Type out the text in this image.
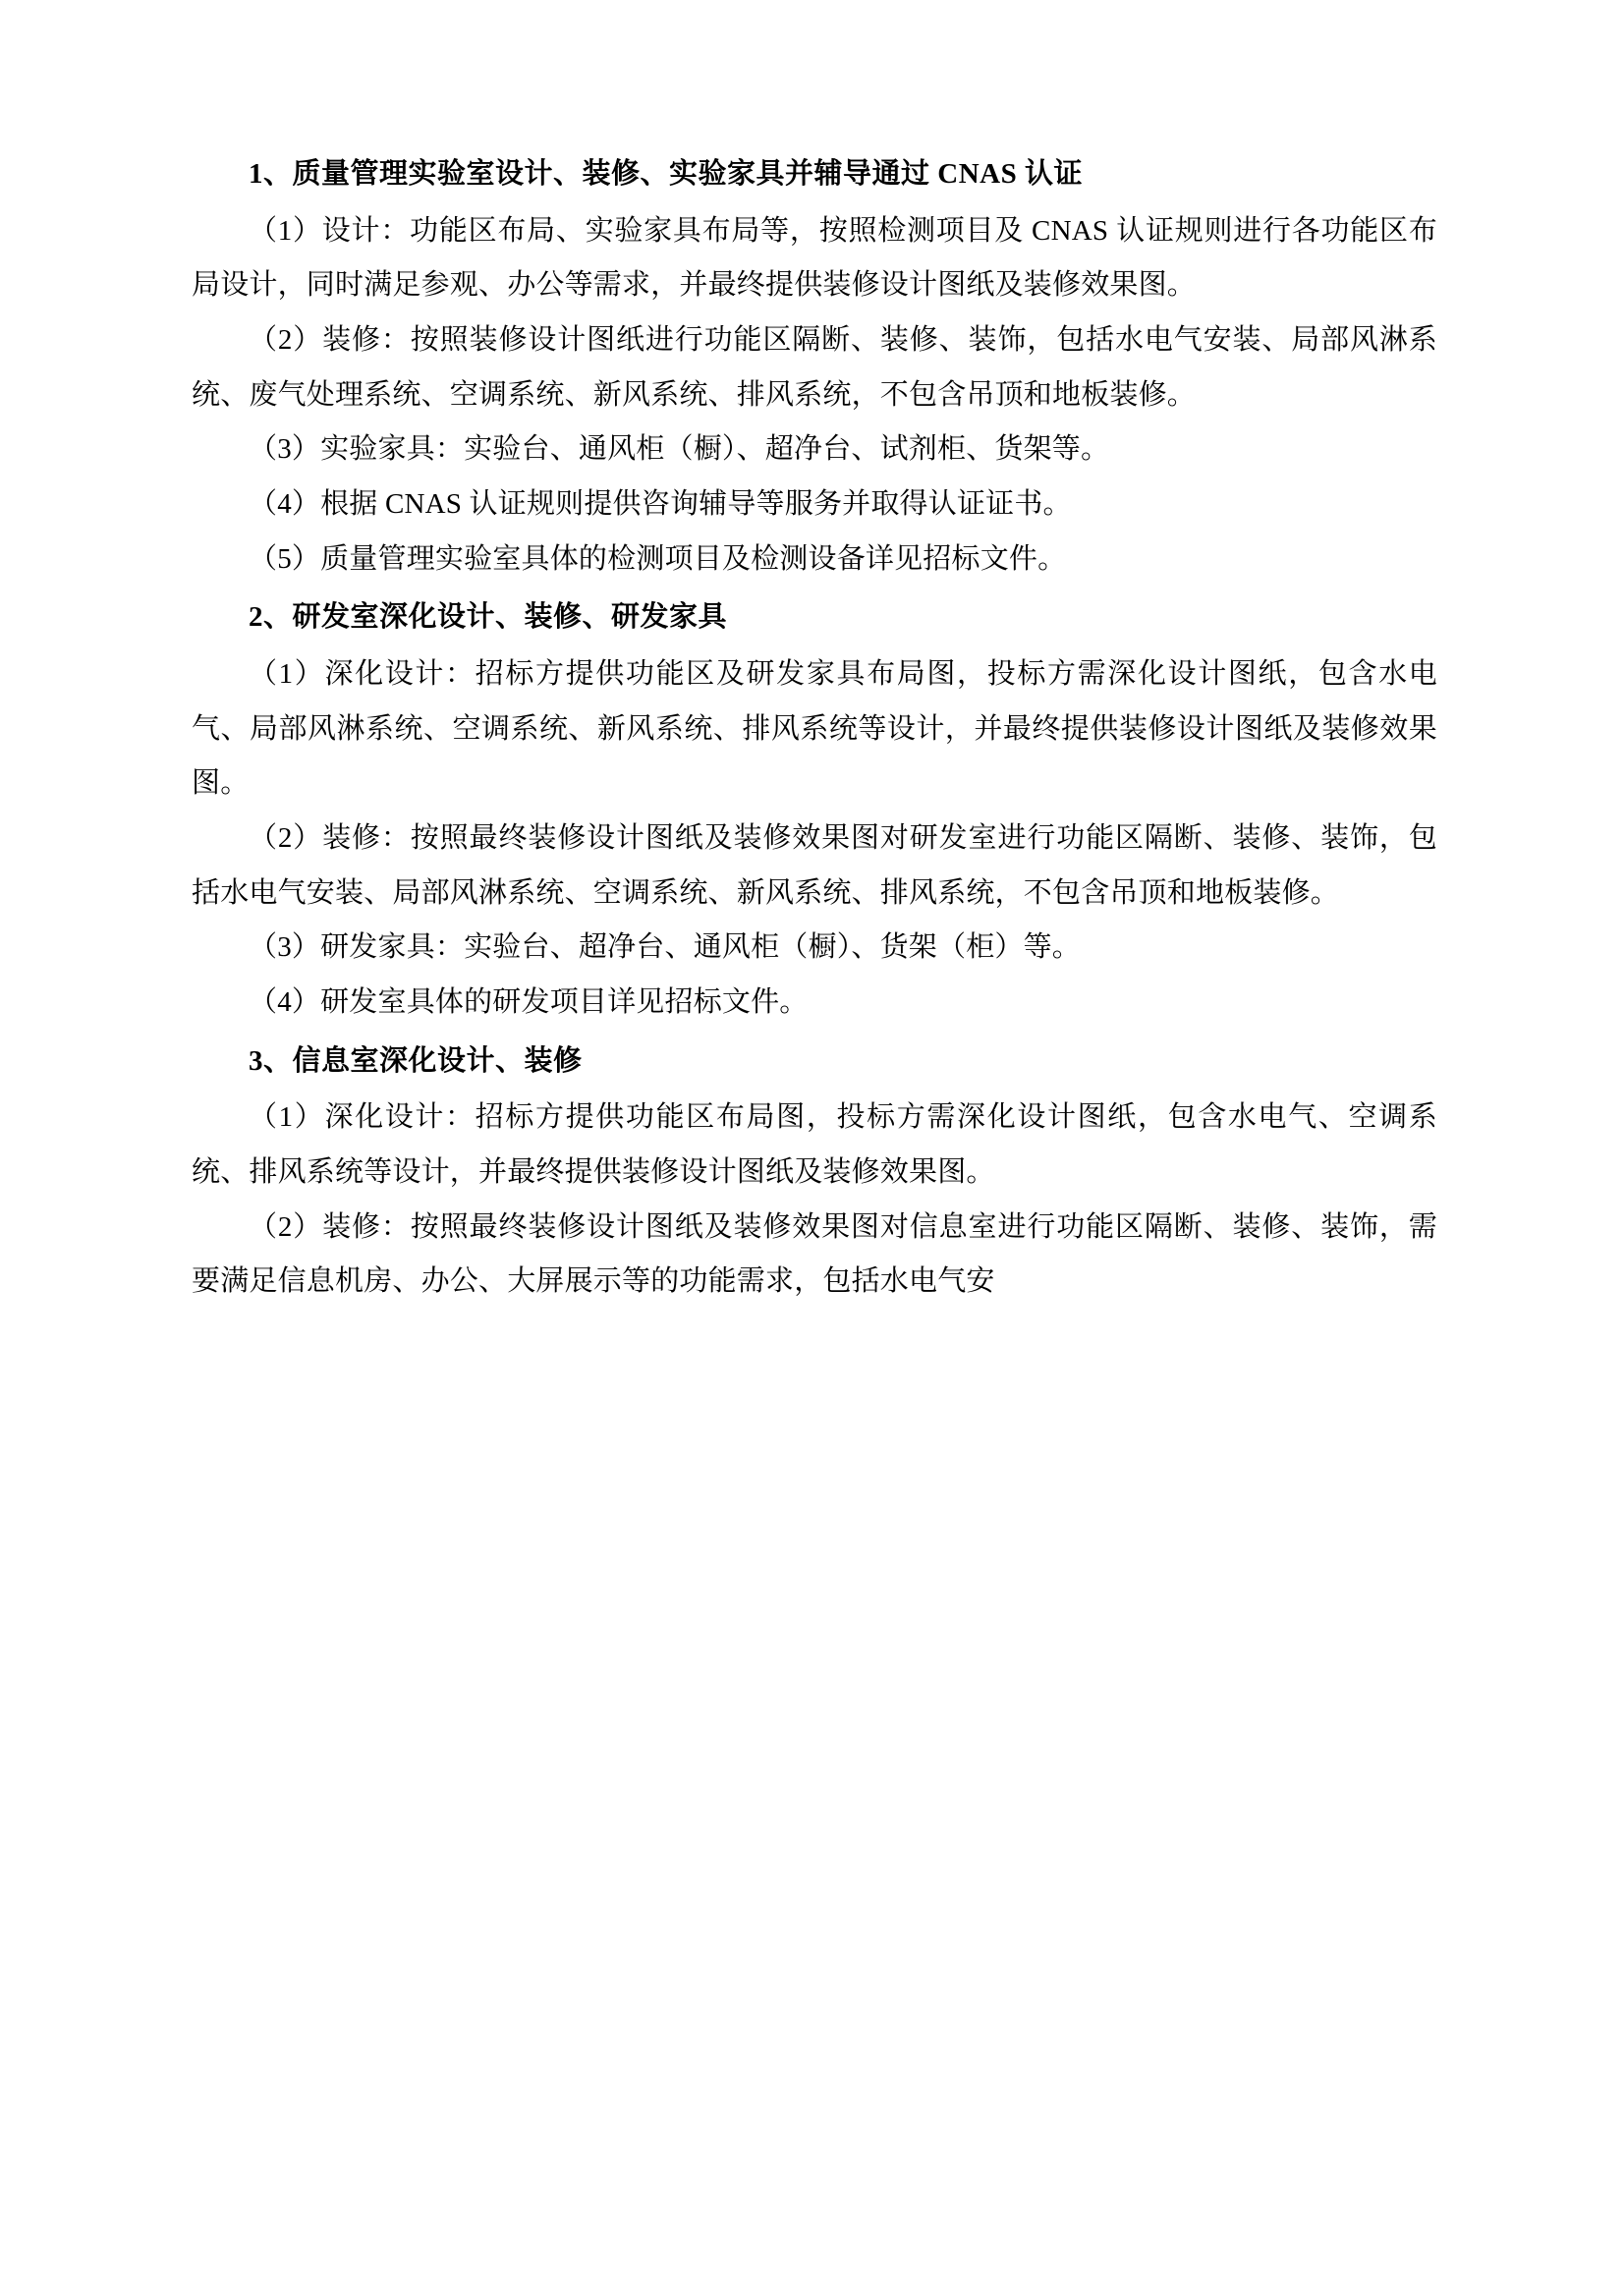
1、质量管理实验室设计、装修、实验家具并辅导通过 CNAS 认证

（1）设计：功能区布局、实验家具布局等，按照检测项目及 CNAS 认证规则进行各功能区布局设计，同时满足参观、办公等需求，并最终提供装修设计图纸及装修效果图。

（2）装修：按照装修设计图纸进行功能区隔断、装修、装饰，包括水电气安装、局部风淋系统、废气处理系统、空调系统、新风系统、排风系统，不包含吊顶和地板装修。

（3）实验家具：实验台、通风柜（橱）、超净台、试剂柜、货架等。

（4）根据 CNAS 认证规则提供咨询辅导等服务并取得认证证书。

（5）质量管理实验室具体的检测项目及检测设备详见招标文件。

2、研发室深化设计、装修、研发家具

（1）深化设计：招标方提供功能区及研发家具布局图，投标方需深化设计图纸，包含水电气、局部风淋系统、空调系统、新风系统、排风系统等设计，并最终提供装修设计图纸及装修效果图。

（2）装修：按照最终装修设计图纸及装修效果图对研发室进行功能区隔断、装修、装饰，包括水电气安装、局部风淋系统、空调系统、新风系统、排风系统，不包含吊顶和地板装修。

（3）研发家具：实验台、超净台、通风柜（橱）、货架（柜）等。

（4）研发室具体的研发项目详见招标文件。

3、信息室深化设计、装修

（1）深化设计：招标方提供功能区布局图，投标方需深化设计图纸，包含水电气、空调系统、排风系统等设计，并最终提供装修设计图纸及装修效果图。

（2）装修：按照最终装修设计图纸及装修效果图对信息室进行功能区隔断、装修、装饰，需要满足信息机房、办公、大屏展示等的功能需求，包括水电气安
